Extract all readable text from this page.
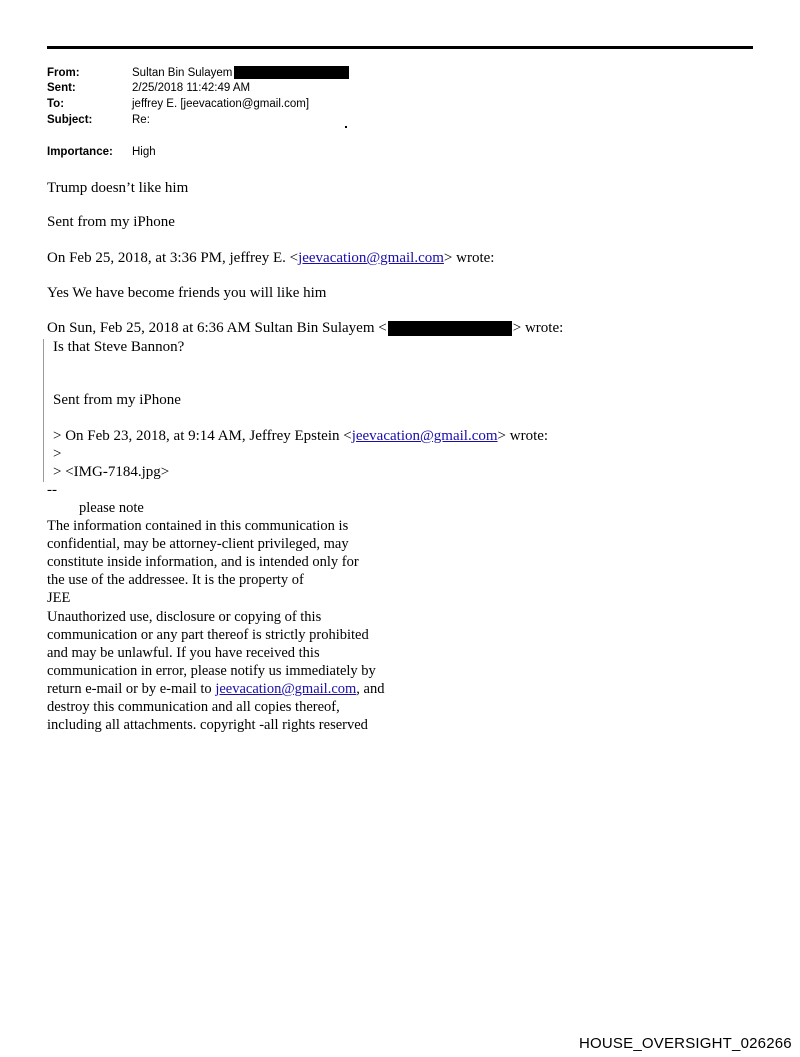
From:	Sultan Bin Sulayem
Sent:	2/25/2018 11:42:49 AM
To:	jeffrey E. [jeevacation@gmail.com]
Subject:	Re:
Importance: High
Trump doesn’t like him
Sent from my iPhone
On Feb 25, 2018, at 3:36 PM, jeffrey E. <jeevacation@gmail.com> wrote:
Yes We have become friends you will like him
On Sun, Feb 25, 2018 at 6:36 AM Sultan Bin Sulayem <	> wrote:
Is that Steve Bannon?
Sent from my iPhone
> On Feb 23, 2018, at 9:14 AM, Jeffrey Epstein <jeevacation@gmail.com> wrote:
>
> <IMG-7184.jpg>
--
please note
The information contained in this communication is
confidential, may be attorney-client privileged, may
constitute inside information, and is intended only for
the use of the addressee. It is the property of
JEE
Unauthorized use, disclosure or copying of this
communication or any part thereof is strictly prohibited
and may be unlawful. If you have received this
communication in error, please notify us immediately by
return e-mail or by e-mail to jeevacation@gmail.com, and
destroy this communication and all copies thereof,
including all attachments. copyright -all rights reserved
HOUSE_OVERSIGHT_026266
